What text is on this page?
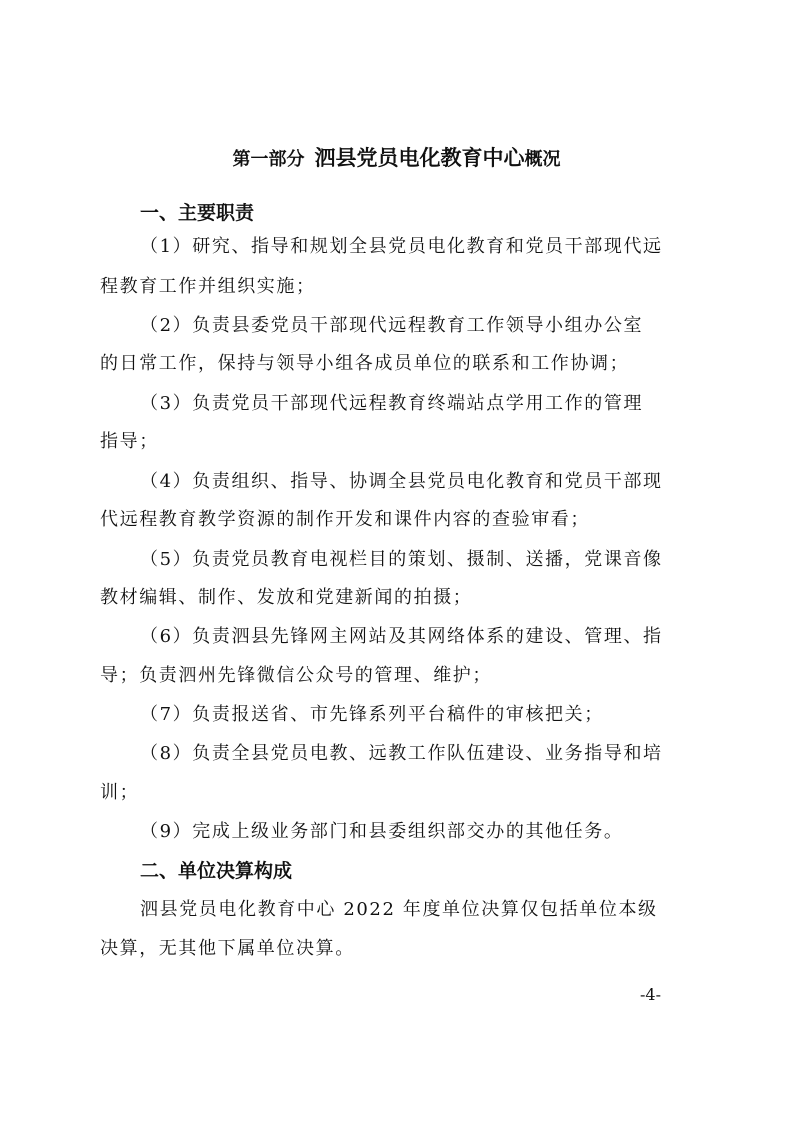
第一部分 泗县党员电化教育中心概况
一、主要职责
（1）研究、指导和规划全县党员电化教育和党员干部现代远
程教育工作并组织实施；
（2）负责县委党员干部现代远程教育工作领导小组办公室
的日常工作，保持与领导小组各成员单位的联系和工作协调；
（3）负责党员干部现代远程教育终端站点学用工作的管理
指导；
（4）负责组织、指导、协调全县党员电化教育和党员干部现
代远程教育教学资源的制作开发和课件内容的查验审看；
（5）负责党员教育电视栏目的策划、摄制、送播，党课音像
教材编辑、制作、发放和党建新闻的拍摄；
（6）负责泗县先锋网主网站及其网络体系的建设、管理、指
导；负责泗州先锋微信公众号的管理、维护；
（7）负责报送省、市先锋系列平台稿件的审核把关；
（8）负责全县党员电教、远教工作队伍建设、业务指导和培
训；
（9）完成上级业务部门和县委组织部交办的其他任务。
二、单位决算构成
泗县党员电化教育中心 2022 年度单位决算仅包括单位本级
决算，无其他下属单位决算。
-4-
